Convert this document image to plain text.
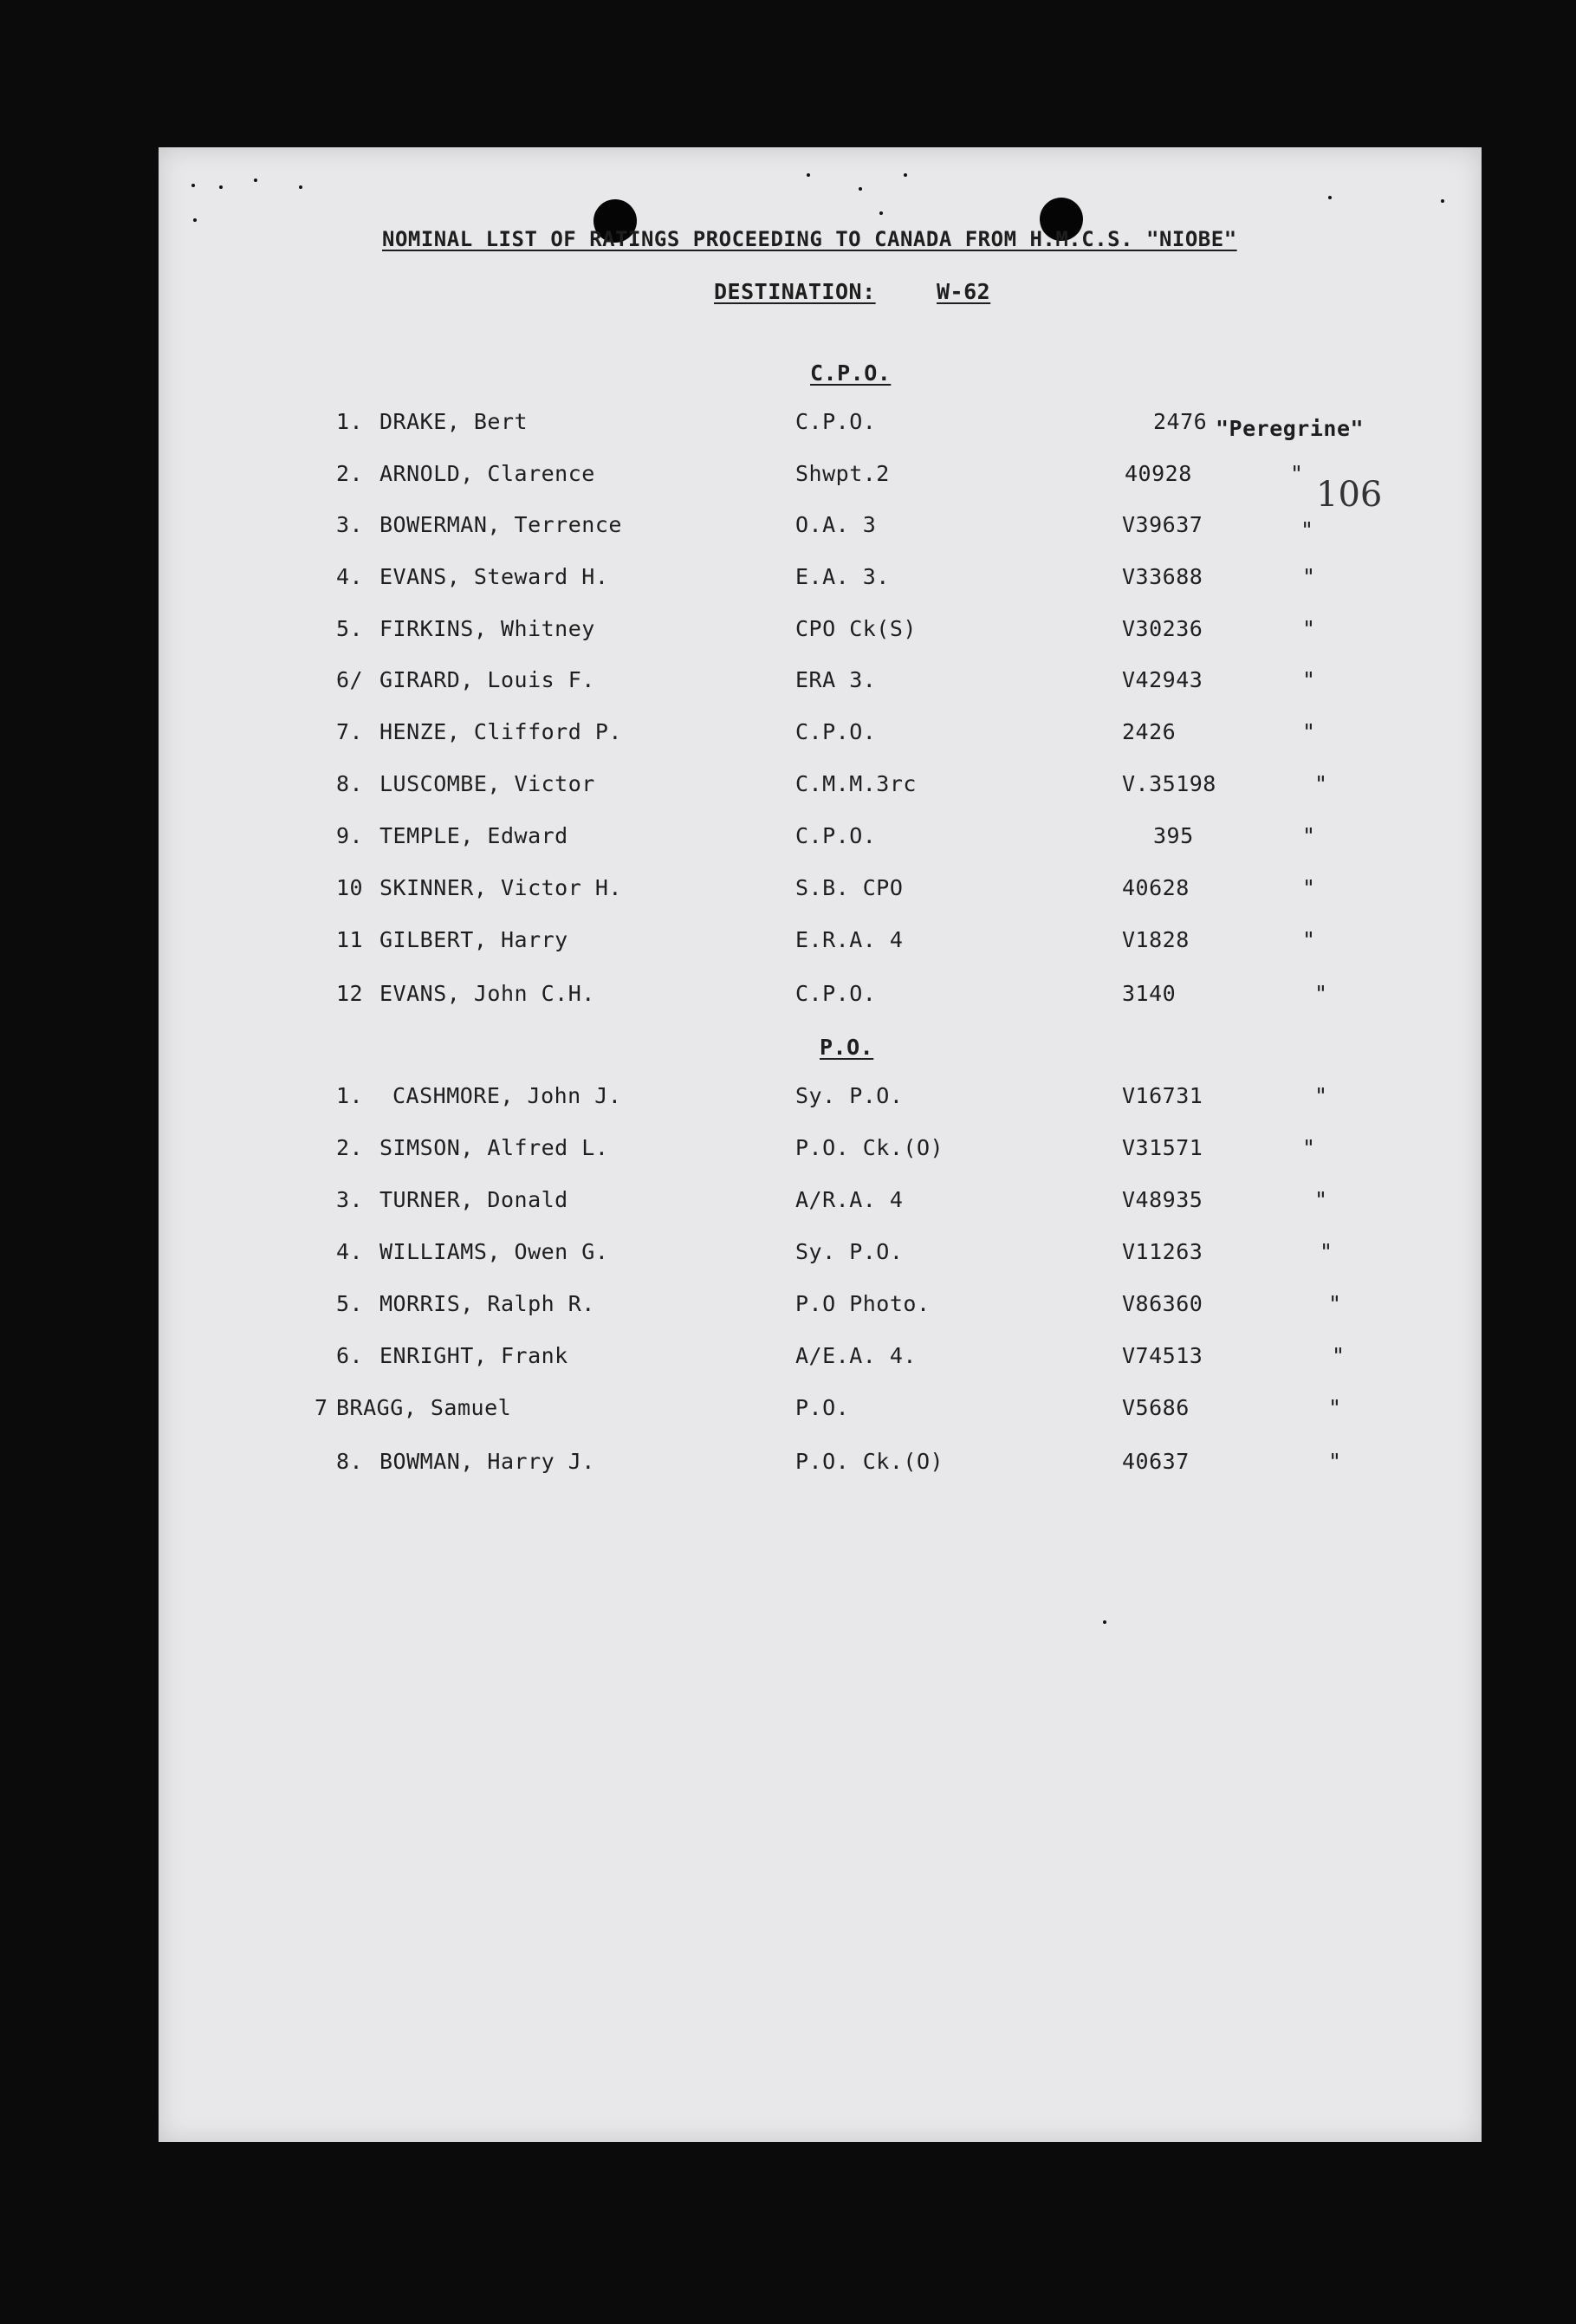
NOMINAL LIST OF RATINGS PROCEEDING TO CANADA FROM H.M.C.S. "NIOBE"
DESTINATION:	W-62
106
C.P.O.
1. DRAKE, Bert	C.P.O.	2476 "Peregrine"
2. ARNOLD, Clarence	Shwpt.2	40928	"
3. BOWERMAN, Terrence	O.A. 3	V39637	"
4. EVANS, Steward H.	E.A. 3.	V33688	"
5. FIRKINS, Whitney	CPO Ck(S)	V30236	"
6/ GIRARD, Louis F.	ERA 3.	V42943	"
7. HENZE, Clifford P.	C.P.O.	2426	"
8. LUSCOMBE, Victor	C.M.M.3rc	V.35198	"
9. TEMPLE, Edward	C.P.O.	395	"
10 SKINNER, Victor H.	S.B. CPO	40628	"
11 GILBERT, Harry	E.R.A. 4	V1828	"
12 EVANS, John C.H.	C.P.O.	3140	"
P.O.
1. CASHMORE, John J.	Sy. P.O.	V16731	"
2. SIMSON, Alfred L.	P.O. Ck.(O)	V31571	"
3. TURNER, Donald	A/R.A. 4	V48935	"
4. WILLIAMS, Owen G.	Sy. P.O.	V11263	"
5. MORRIS, Ralph R.	P.O Photo.	V86360	"
6. ENRIGHT, Frank	A/E.A. 4.	V74513	"
7 BRAGG, Samuel	P.O.	V5686	"
8. BOWMAN, Harry J.	P.O. Ck.(O)	40637	"
